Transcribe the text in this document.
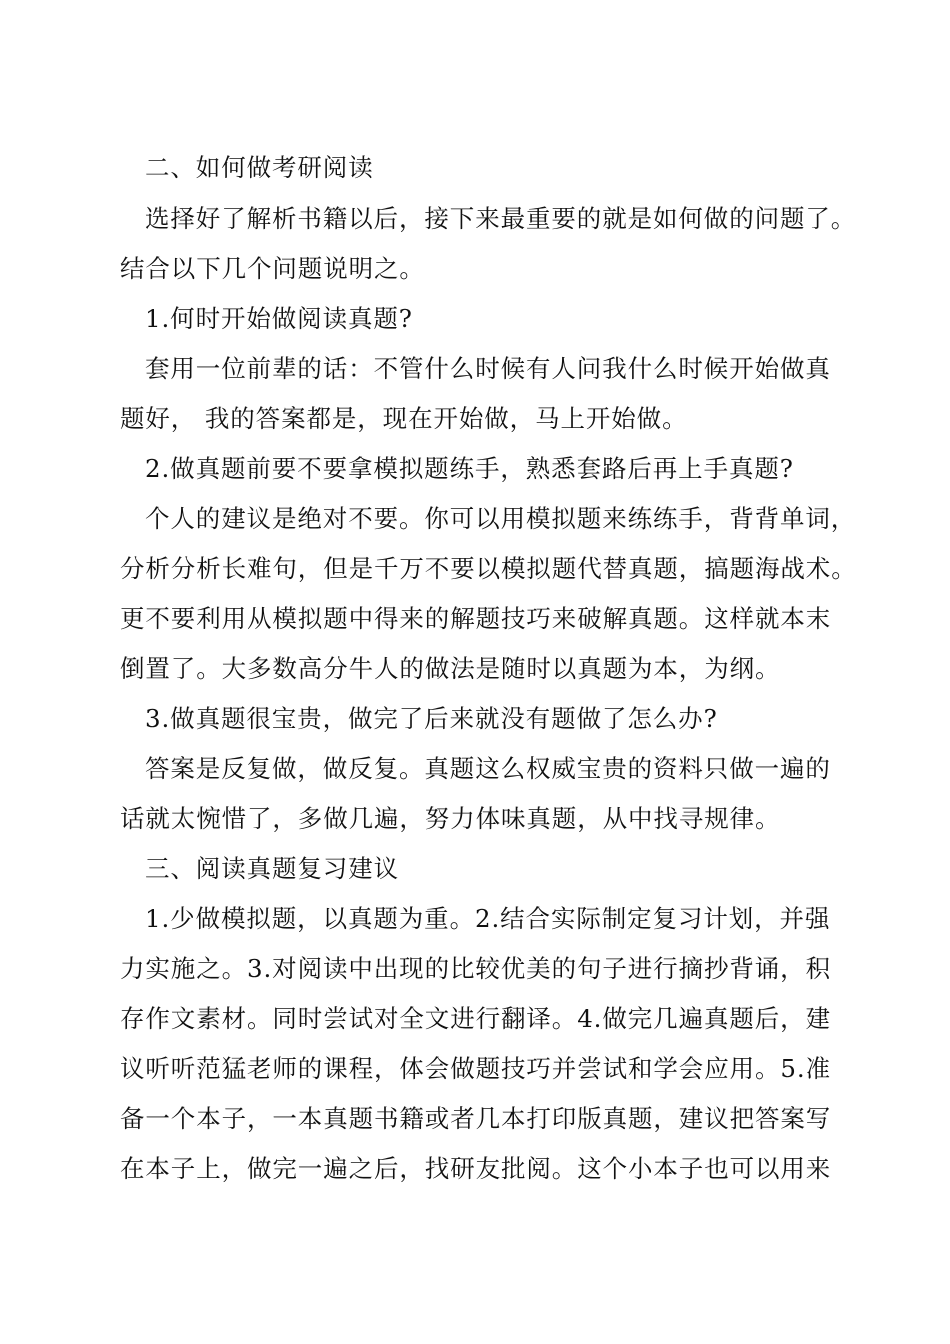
二、如何做考研阅读
选择好了解析书籍以后，接下来最重要的就是如何做的问题了。
结合以下几个问题说明之。
1.何时开始做阅读真题?
套用一位前辈的话：不管什么时候有人问我什么时候开始做真
题好， 我的答案都是，现在开始做，马上开始做。
2.做真题前要不要拿模拟题练手，熟悉套路后再上手真题?
个人的建议是绝对不要。你可以用模拟题来练练手，背背单词，
分析分析长难句，但是千万不要以模拟题代替真题，搞题海战术。
更不要利用从模拟题中得来的解题技巧来破解真题。这样就本末
倒置了。大多数高分牛人的做法是随时以真题为本，为纲。
3.做真题很宝贵，做完了后来就没有题做了怎么办?
答案是反复做，做反复。真题这么权威宝贵的资料只做一遍的
话就太惋惜了，多做几遍，努力体味真题，从中找寻规律。
三、阅读真题复习建议
1.少做模拟题，以真题为重。2.结合实际制定复习计划，并强
力实施之。3.对阅读中出现的比较优美的句子进行摘抄背诵，积
存作文素材。同时尝试对全文进行翻译。4.做完几遍真题后，建
议听听范猛老师的课程，体会做题技巧并尝试和学会应用。5.准
备一个本子，一本真题书籍或者几本打印版真题，建议把答案写
在本子上，做完一遍之后，找研友批阅。这个小本子也可以用来
